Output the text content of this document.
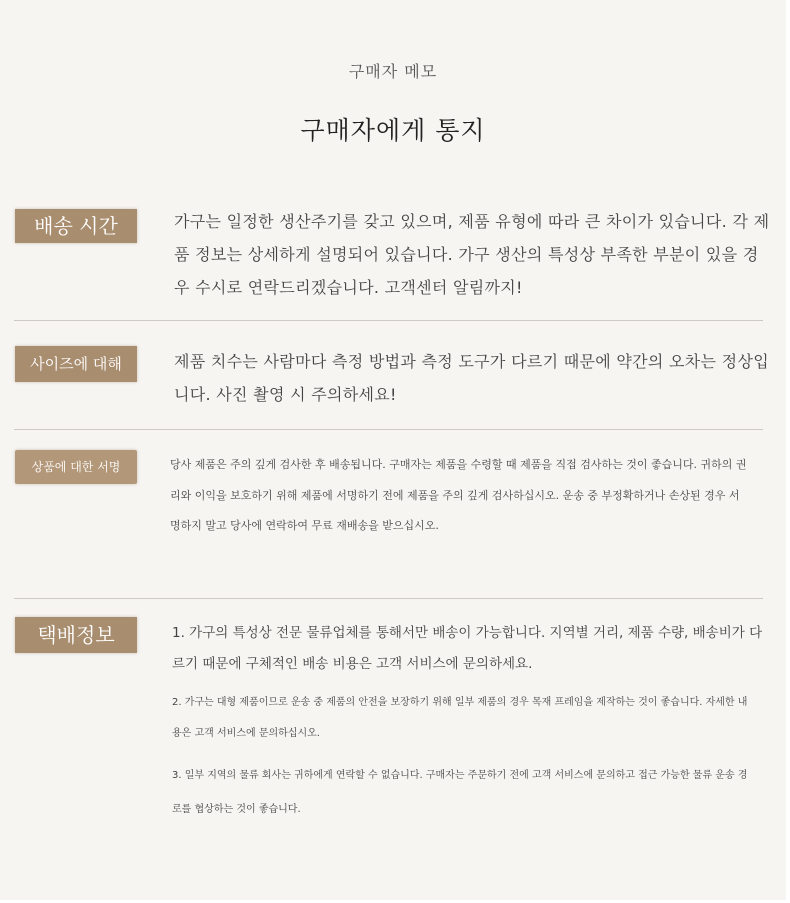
구매자 메모
구매자에게 통지
배송 시간	가구는 일정한 생산주기를 갖고 있으며, 제품 유형에 따라 큰 차이가 있습니다. 각 제품 정보는 상세하게 설명되어 있습니다. 가구 생산의 특성상 부족한 부분이 있을 경우 수시로 연락드리겠습니다. 고객센터 알림까지!

사이즈에 대해	제품 치수는 사람마다 측정 방법과 측정 도구가 다르기 때문에 약간의 오차는 정상입니다. 사진 촬영 시 주의하세요!

상품에 대한 서명	당사 제품은 주의 깊게 검사한 후 배송됩니다. 구매자는 제품을 수령할 때 제품을 직접 검사하는 것이 좋습니다. 귀하의 권리와 이익을 보호하기 위해 제품에 서명하기 전에 제품을 주의 깊게 검사하십시오. 운송 중 부정확하거나 손상된 경우 서명하지 말고 당사에 연락하여 무료 재배송을 받으십시오.

택배정보	1. 가구의 특성상 전문 물류업체를 통해서만 배송이 가능합니다. 지역별 거리, 제품 수량, 배송비가 다르기 때문에 구체적인 배송 비용은 고객 서비스에 문의하세요.

2. 가구는 대형 제품이므로 운송 중 제품의 안전을 보장하기 위해 일부 제품의 경우 목재 프레임을 제작하는 것이 좋습니다. 자세한 내용은 고객 서비스에 문의하십시오.

3. 일부 지역의 물류 회사는 귀하에게 연락할 수 없습니다. 구매자는 주문하기 전에 고객 서비스에 문의하고 접근 가능한 물류 운송 경로를 협상하는 것이 좋습니다.
